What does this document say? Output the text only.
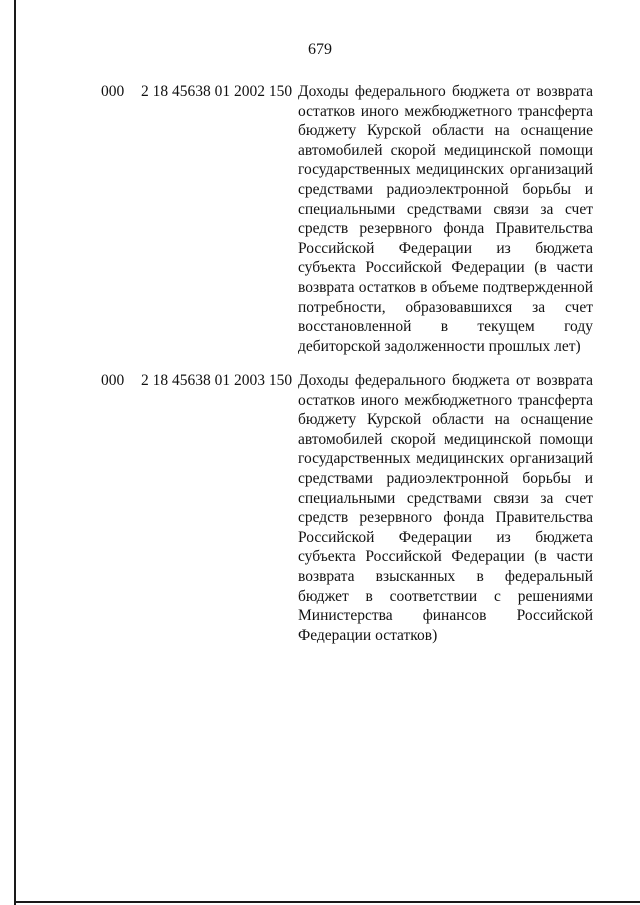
679
000 2 18 45638 01 2002 150 Доходы федерального бюджета от возврата остатков иного межбюджетного трансферта бюджету Курской области на оснащение автомобилей скорой медицинской помощи государственных медицинских организаций средствами радиоэлектронной борьбы и специальными средствами связи за счет средств резервного фонда Правительства Российской Федерации из бюджета субъекта Российской Федерации (в части возврата остатков в объеме подтвержденной потребности, образовавшихся за счет восстановленной в текущем году дебиторской задолженности прошлых лет)
000 2 18 45638 01 2003 150 Доходы федерального бюджета от возврата остатков иного межбюджетного трансферта бюджету Курской области на оснащение автомобилей скорой медицинской помощи государственных медицинских организаций средствами радиоэлектронной борьбы и специальными средствами связи за счет средств резервного фонда Правительства Российской Федерации из бюджета субъекта Российской Федерации (в части возврата взысканных в федеральный бюджет в соответствии с решениями Министерства финансов Российской Федерации остатков)
